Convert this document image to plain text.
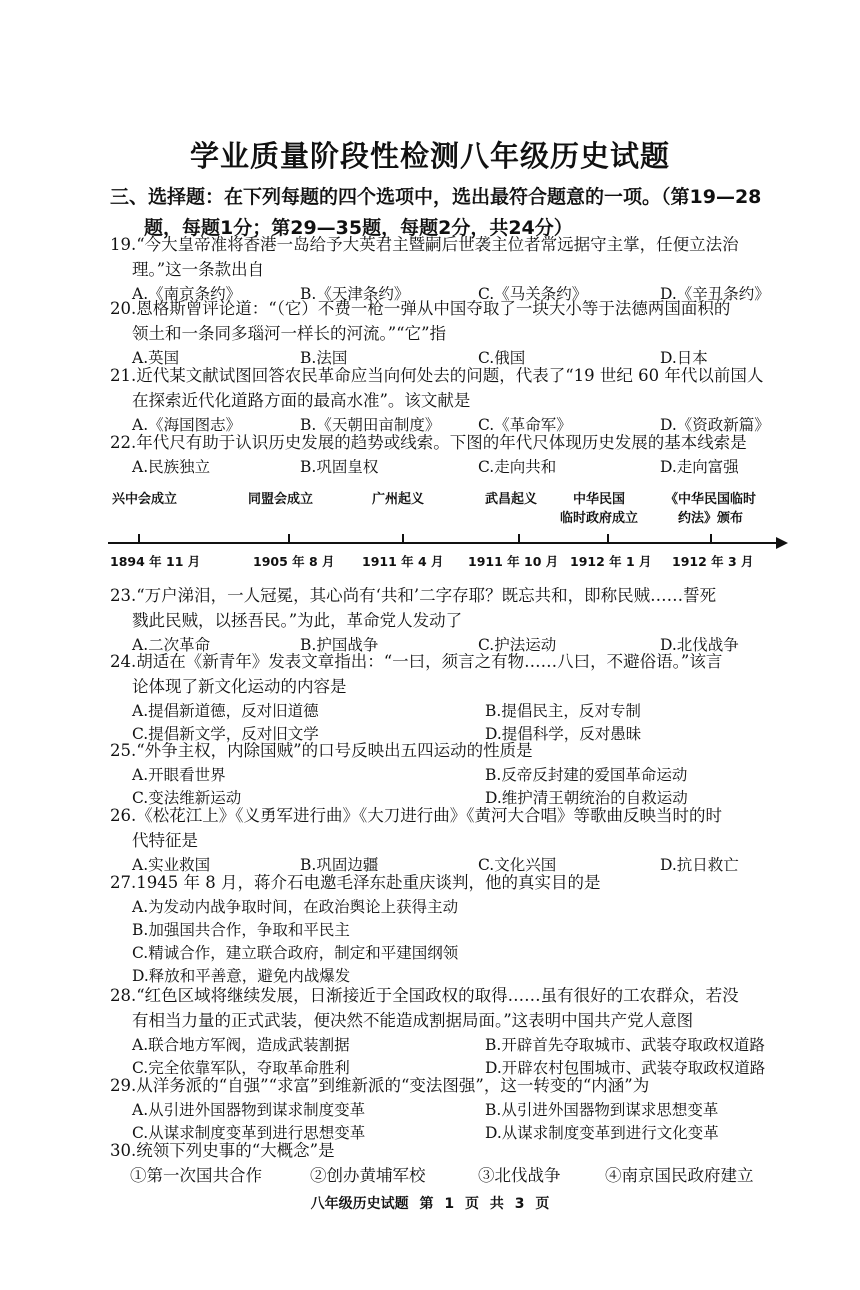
学业质量阶段性检测八年级历史试题
三、选择题：在下列每题的四个选项中，选出最符合题意的一项。（第19—28
题，每题1分；第29—35题，每题2分，共24分）
19.“今大皇帝准将香港一岛给予大英君主暨嗣后世袭主位者常远据守主掌，任便立法治
理。”这一条款出自
A.《南京条约》	B.《天津条约》	C.《马关条约》	D.《辛丑条约》
20.恩格斯曾评论道：“（它）不费一枪一弹从中国夺取了一块大小等于法德两国面积的
领土和一条同多瑙河一样长的河流。”“它”指
A.英国	B.法国	C.俄国	D.日本
21.近代某文献试图回答农民革命应当向何处去的问题，代表了“19 世纪 60 年代以前国人
在探索近代化道路方面的最高水准”。该文献是
A.《海国图志》	B.《天朝田亩制度》 C.《革命军》	D.《资政新篇》
22.年代尺有助于认识历史发展的趋势或线索。下图的年代尺体现历史发展的基本线索是
A.民族独立	B.巩固皇权	C.走向共和	D.走向富强
兴中会成立	同盟会成立	广州起义	武昌起义	中华民国
临时政府成立
《中华民国临时
约法》颁布
1894 年 11 月	1905 年 8 月 1911 年 4 月 1911 年 10 月 1912 年 1 月 1912 年 3 月
23.“万户涕泪，一人冠冕，其心尚有‘共和’二字存耶？既忘共和，即称民贼……誓死
戮此民贼，以拯吾民。”为此，革命党人发动了
A.二次革命	B.护国战争	C.护法运动	D.北伐战争
24.胡适在《新青年》发表文章指出：“一曰，须言之有物……八曰，不避俗语。”该言
论体现了新文化运动的内容是
A.提倡新道德，反对旧道德	B.提倡民主，反对专制
C.提倡新文学，反对旧文学	D.提倡科学，反对愚昧
25.“外争主权，内除国贼”的口号反映出五四运动的性质是
A.开眼看世界	B.反帝反封建的爱国革命运动
C.变法维新运动	D.维护清王朝统治的自救运动
26.《松花江上》《义勇军进行曲》《大刀进行曲》《黄河大合唱》等歌曲反映当时的时
代特征是
A.实业救国	B.巩固边疆	C.文化兴国	D.抗日救亡
27.1945 年 8 月，蒋介石电邀毛泽东赴重庆谈判，他的真实目的是
A.为发动内战争取时间，在政治舆论上获得主动
B.加强国共合作，争取和平民主
C.精诚合作，建立联合政府，制定和平建国纲领
D.释放和平善意，避免内战爆发
28.“红色区域将继续发展，日渐接近于全国政权的取得……虽有很好的工农群众，若没
有相当力量的正式武装，便决然不能造成割据局面。”这表明中国共产党人意图
A.联合地方军阀，造成武装割据	B.开辟首先夺取城市、武装夺取政权道路
C.完全依靠军队，夺取革命胜利	D.开辟农村包围城市、武装夺取政权道路
29.从洋务派的“自强”“求富”到维新派的“变法图强”，这一转变的“内涵”为
A.从引进外国器物到谋求制度变革	B.从引进外国器物到谋求思想变革
C.从谋求制度变革到进行思想变革	D.从谋求制度变革到进行文化变革
30.统领下列史事的“大概念”是
①第一次国共合作	②创办黄埔军校	③北伐战争	④南京国民政府建立
八年级历史试题 第 1 页 共 3 页
